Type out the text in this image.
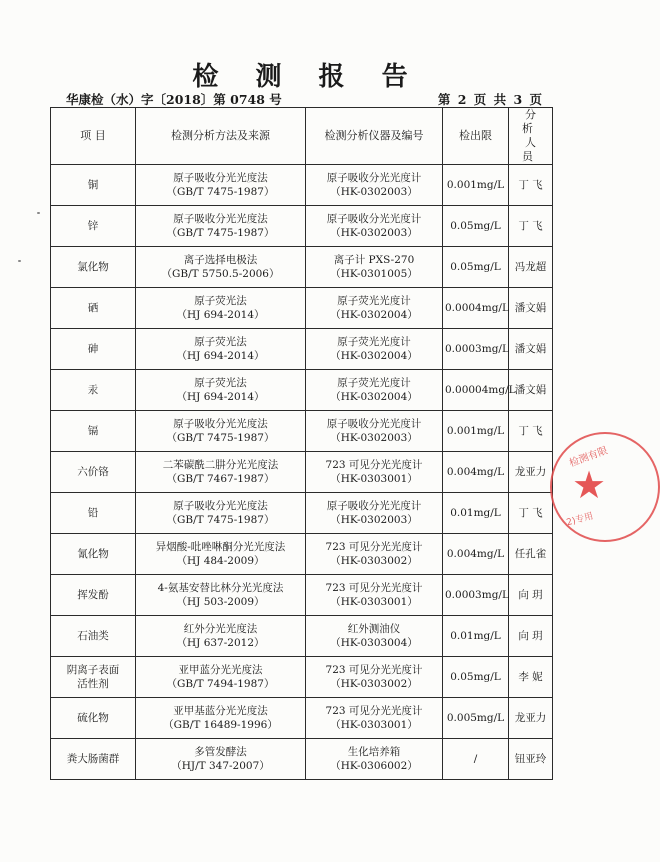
检 测 报 告
华康检（水）字〔2018〕第 0748 号	第 2 页 共 3 页
项 目	检测分析方法及来源	检测分析仪器及编号	检出限	分析
人员

铜	原子吸收分光光度法
（GB/T 7475-1987）	原子吸收分光光度计
（HK-0302003）	0.001mg/L	丁 飞

锌	原子吸收分光光度法
（GB/T 7475-1987）	原子吸收分光光度计
（HK-0302003）	0.05mg/L	丁 飞

氯化物	离子选择电极法
（GB/T 5750.5-2006）	离子计 PXS-270
（HK-0301005）	0.05mg/L	冯龙超

硒	原子荧光法
（HJ 694-2014）	原子荧光光度计
（HK-0302004）	0.0004mg/L	潘文娟

砷	原子荧光法
（HJ 694-2014）	原子荧光光度计
（HK-0302004）	0.0003mg/L	潘文娟

汞	原子荧光法
（HJ 694-2014）	原子荧光光度计
（HK-0302004）	0.00004mg/L	潘文娟

镉	原子吸收分光光度法
（GB/T 7475-1987）	原子吸收分光光度计
（HK-0302003）	0.001mg/L	丁 飞

六价铬	二苯碳酰二肼分光光度法
（GB/T 7467-1987）	723 可见分光光度计
（HK-0303001）	0.004mg/L	龙亚力

铅	原子吸收分光光度法
（GB/T 7475-1987）	原子吸收分光光度计
（HK-0302003）	0.01mg/L	丁 飞

氰化物	异烟酸-吡唑啉酮分光光度法
（HJ 484-2009）	723 可见分光光度计
（HK-0303002）	0.004mg/L	任孔雀

挥发酚	4-氨基安替比林分光光度法
（HJ 503-2009）	723 可见分光光度计
（HK-0303001）	0.0003mg/L	向 玥

石油类	红外分光光度法
（HJ 637-2012）	红外测油仪
（HK-0303004）	0.01mg/L	向 玥

阴离子表面
活性剂	亚甲蓝分光光度法
（GB/T 7494-1987）	723 可见分光光度计
（HK-0303002）	0.05mg/L	李 妮

硫化物	亚甲基蓝分光光度法
（GB/T 16489-1996）	723 可见分光光度计
（HK-0303001）	0.005mg/L	龙亚力

粪大肠菌群	多管发酵法
（HJ/T 347-2007）	生化培养箱
（HK-0306002）	/	钮亚玲
检测有限
★
2)专用
